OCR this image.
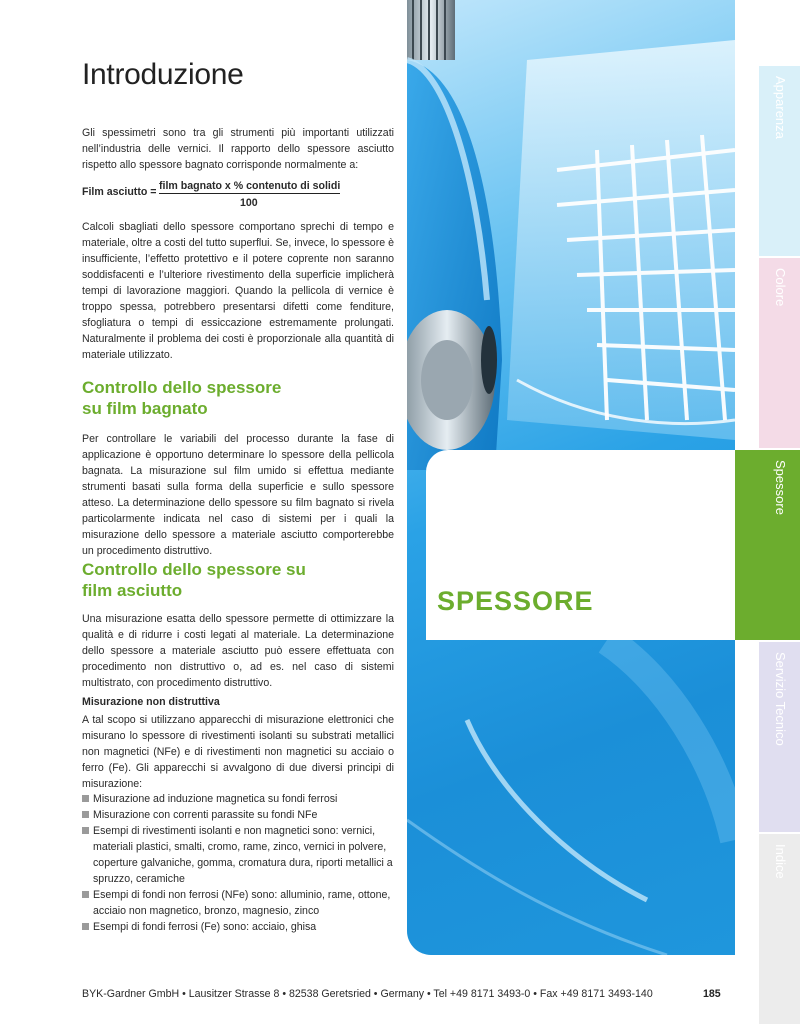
Introduzione

Gli spessimetri sono tra gli strumenti più importanti utilizzati nell’industria delle vernici. Il rapporto dello spessore asciutto rispetto allo spessore bagnato corrisponde normalmente a:

Film asciutto = film bagnato x % contenuto di solidi
100

Calcoli sbagliati dello spessore comportano sprechi di tempo e materiale, oltre a costi del tutto superflui. Se, invece, lo spessore è insufficiente, l’effetto protettivo e il potere coprente non saranno soddisfacenti e l’ulteriore rivestimento della superficie implicherà tempi di lavorazione maggiori. Quando la pellicola di vernice è troppo spessa, potrebbero presentarsi difetti come fenditure, sfogliatura o tempi di essiccazione estremamente prolungati. Naturalmente il problema dei costi è proporzionale alla quantità di materiale utilizzato.

Controllo dello spessore
su film bagnato

Per controllare le variabili del processo durante la fase di applicazione è opportuno determinare lo spessore della pellicola bagnata. La misurazione sul film umido si effettua mediante strumenti basati sulla forma della superficie e sullo spessore atteso. La determinazione dello spessore su film bagnato si rivela particolarmente indicata nel caso di sistemi per i quali la misurazione dello spessore a materiale asciutto comporterebbe un procedimento distruttivo.

Controllo dello spessore su
film asciutto

Una misurazione esatta dello spessore permette di ottimizzare la qualità e di ridurre i costi legati al materiale. La determinazione dello spessore a materiale asciutto può essere effettuata con procedimento non distruttivo o, ad es. nel caso di sistemi multistrato, con procedimento distruttivo.

Misurazione non distruttiva

A tal scopo si utilizzano apparecchi di misurazione elettronici che misurano lo spessore di rivestimenti isolanti su substrati metallici non magnetici (NFe) e di rivestimenti non magnetici su acciaio o ferro (Fe). Gli apparecchi si avvalgono di due diversi principi di misurazione:

Misurazione ad induzione magnetica su fondi ferrosi
Misurazione con correnti parassite su fondi NFe
Esempi di rivestimenti isolanti e non magnetici sono: vernici, materiali plastici, smalti, cromo, rame, zinco, vernici in polvere, coperture galvaniche, gomma, cromatura dura, riporti metallici a spruzzo, ceramiche
Esempi di fondi non ferrosi (NFe) sono: alluminio, rame, ottone, acciaio non magnetico, bronzo, magnesio, zinco
Esempi di fondi ferrosi (Fe) sono: acciaio, ghisa
SPESSORE
Apparenza
Colore
Spessore
Servizio Tecnico
Indice
BYK-Gardner GmbH • Lausitzer Strasse 8 • 82538 Geretsried • Germany • Tel +49 8171 3493-0 • Fax +49 8171 3493-140	185
